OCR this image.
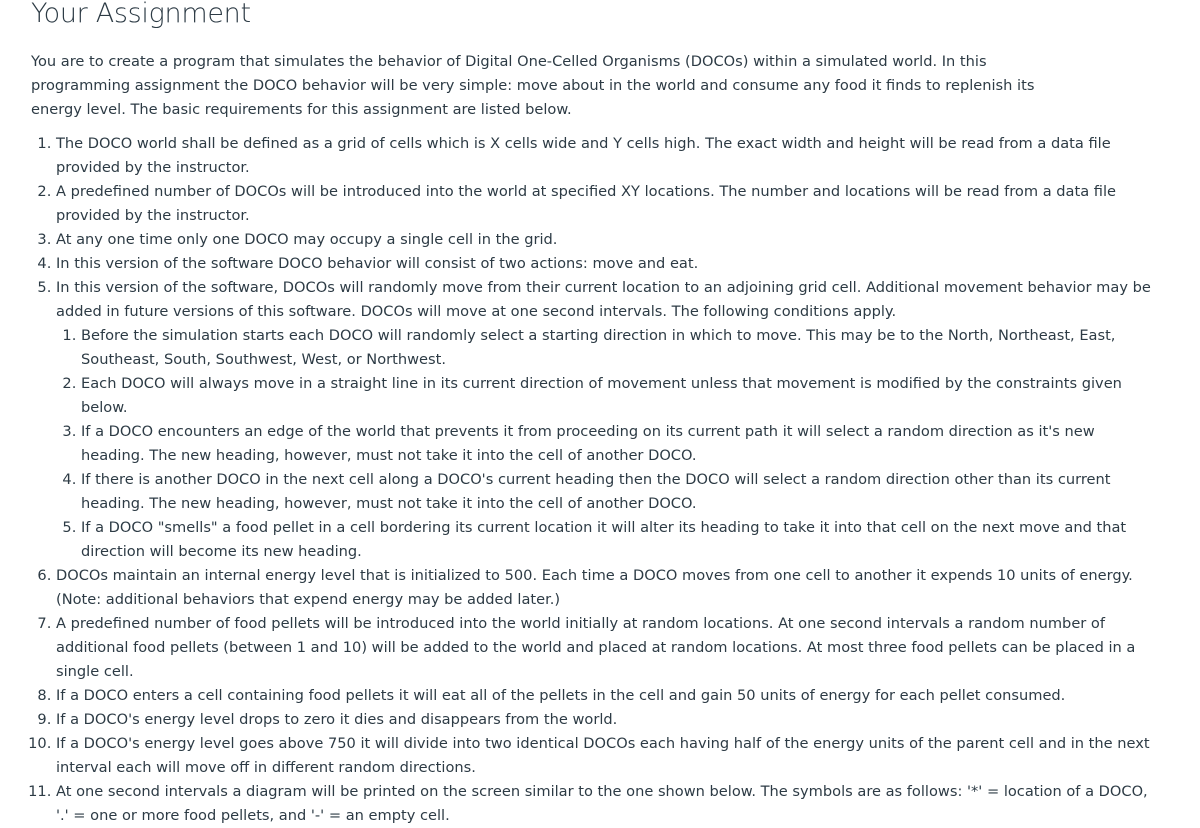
Your Assignment

You are to create a program that simulates the behavior of Digital One-Celled Organisms (DOCOs) within a simulated world. In this programming assignment the DOCO behavior will be very simple: move about in the world and consume any food it finds to replenish its energy level. The basic requirements for this assignment are listed below.

1. The DOCO world shall be defined as a grid of cells which is X cells wide and Y cells high. The exact width and height will be read from a data file provided by the instructor.
2. A predefined number of DOCOs will be introduced into the world at specified XY locations. The number and locations will be read from a data file provided by the instructor.
3. At any one time only one DOCO may occupy a single cell in the grid.
4. In this version of the software DOCO behavior will consist of two actions: move and eat.
5. In this version of the software, DOCOs will randomly move from their current location to an adjoining grid cell. Additional movement behavior may be added in future versions of this software. DOCOs will move at one second intervals. The following conditions apply.
1. Before the simulation starts each DOCO will randomly select a starting direction in which to move. This may be to the North, Northeast, East, Southeast, South, Southwest, West, or Northwest.
2. Each DOCO will always move in a straight line in its current direction of movement unless that movement is modified by the constraints given below.
3. If a DOCO encounters an edge of the world that prevents it from proceeding on its current path it will select a random direction as it's new heading. The new heading, however, must not take it into the cell of another DOCO.
4. If there is another DOCO in the next cell along a DOCO's current heading then the DOCO will select a random direction other than its current heading. The new heading, however, must not take it into the cell of another DOCO.
5. If a DOCO "smells" a food pellet in a cell bordering its current location it will alter its heading to take it into that cell on the next move and that direction will become its new heading.
6. DOCOs maintain an internal energy level that is initialized to 500. Each time a DOCO moves from one cell to another it expends 10 units of energy. (Note: additional behaviors that expend energy may be added later.)
7. A predefined number of food pellets will be introduced into the world initially at random locations. At one second intervals a random number of additional food pellets (between 1 and 10) will be added to the world and placed at random locations. At most three food pellets can be placed in a single cell.
8. If a DOCO enters a cell containing food pellets it will eat all of the pellets in the cell and gain 50 units of energy for each pellet consumed.
9. If a DOCO's energy level drops to zero it dies and disappears from the world.
10. If a DOCO's energy level goes above 750 it will divide into two identical DOCOs each having half of the energy units of the parent cell and in the next interval each will move off in different random directions.
11. At one second intervals a diagram will be printed on the screen similar to the one shown below. The symbols are as follows: '*' = location of a DOCO, '.' = one or more food pellets, and '-' = an empty cell.
